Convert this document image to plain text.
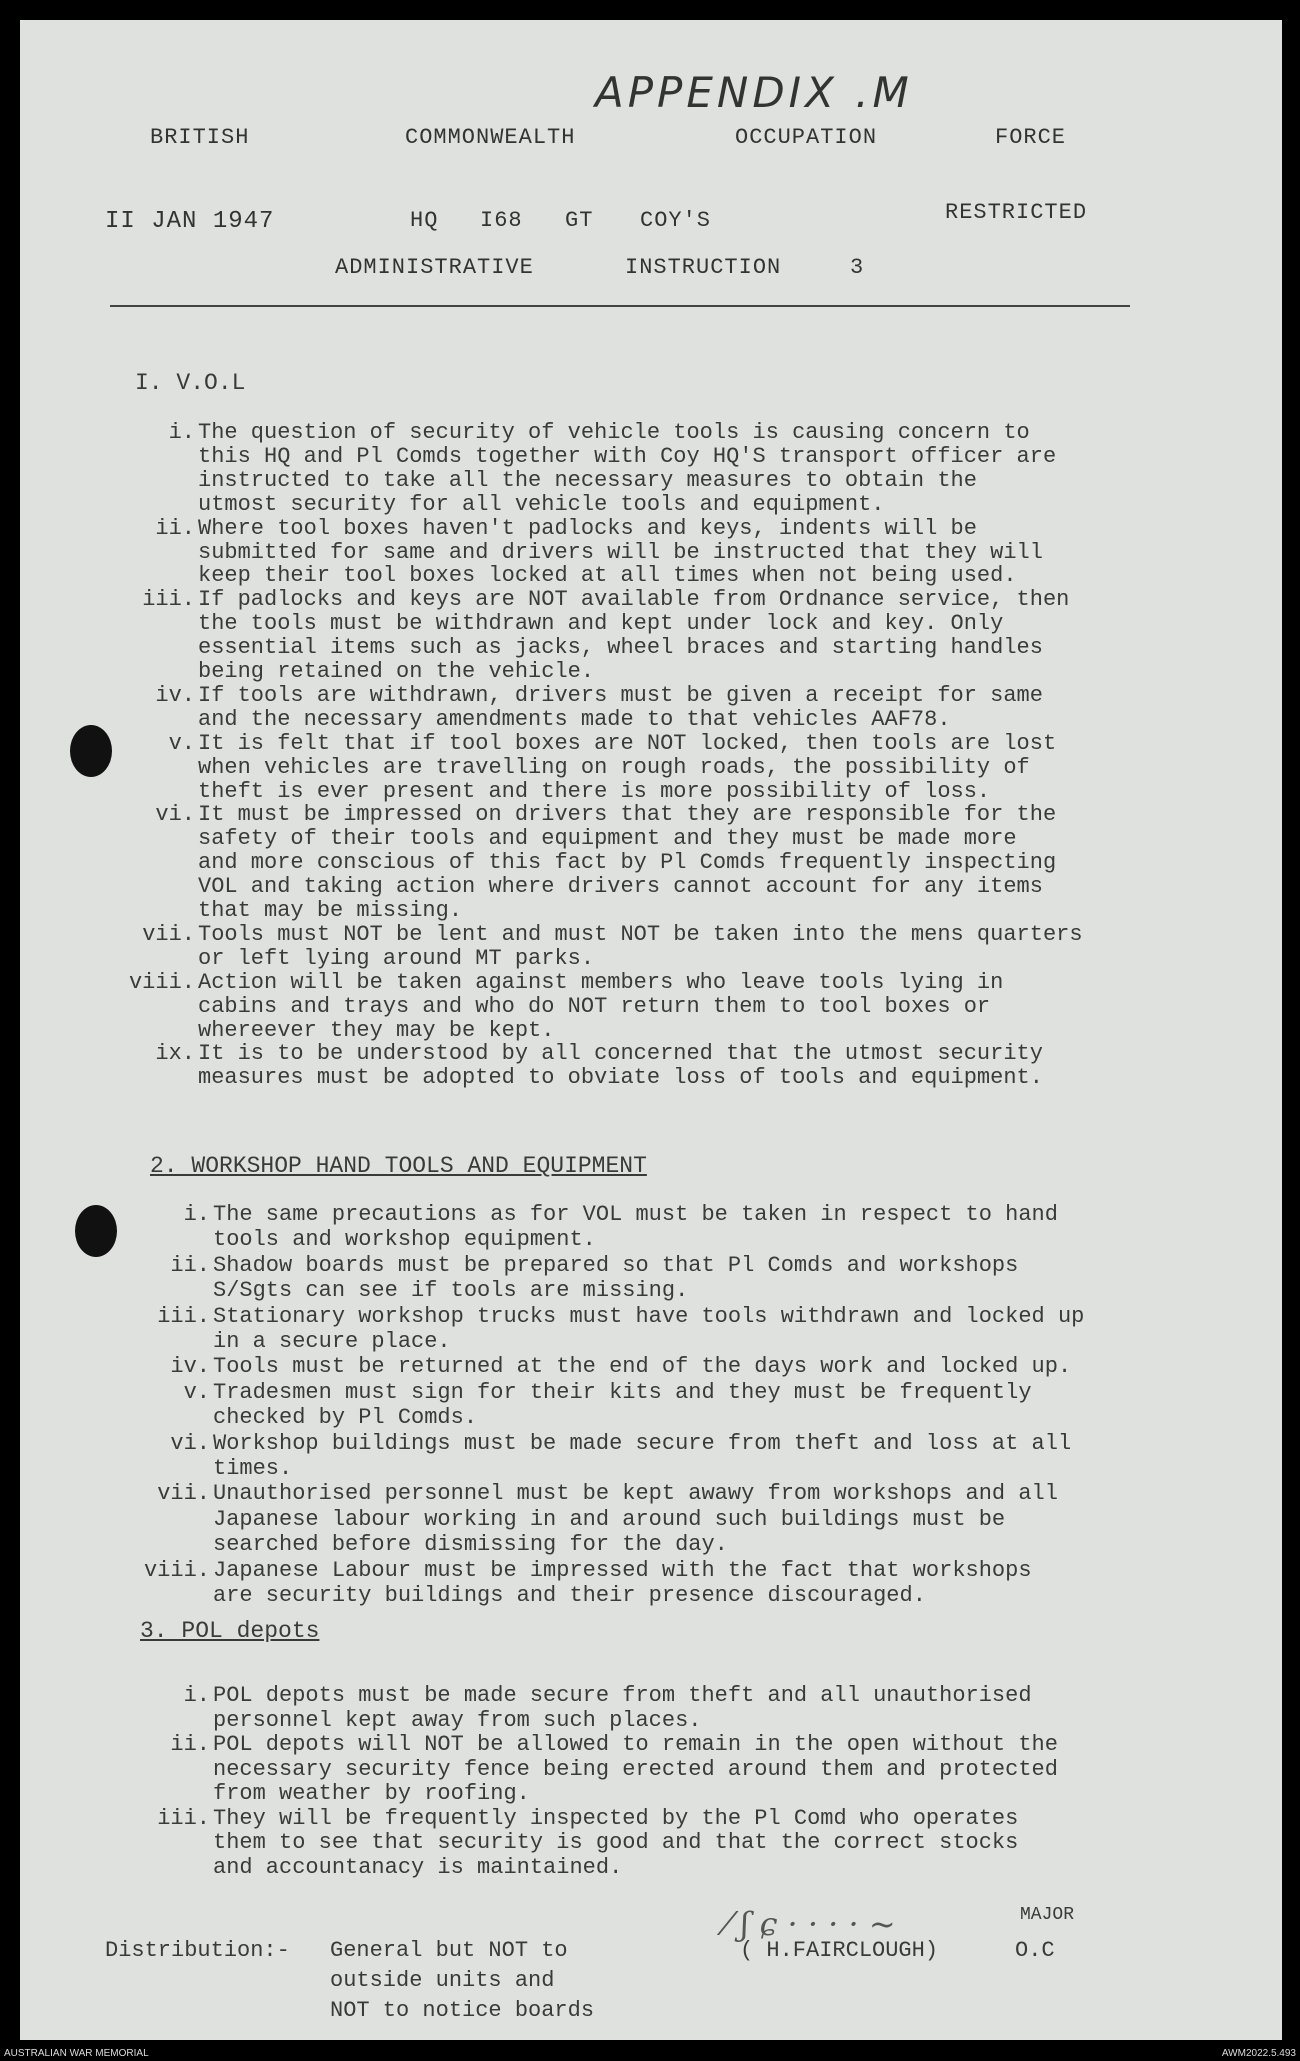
APPENDIX .M
BRITISH	COMMONWEALTH	OCCUPATION	FORCE
II JAN 1947	HQ I68 GT COY'S	RESTRICTED
ADMINISTRATIVE	INSTRUCTION	3
I. V.O.L
i. The question of security of vehicle tools is causing concern to
this HQ and Pl Comds together with Coy HQ'S transport officer are
instructed to take all the necessary measures to obtain the
utmost security for all vehicle tools and equipment.
ii. Where tool boxes haven't padlocks and keys, indents will be
submitted for same and drivers will be instructed that they will
keep their tool boxes locked at all times when not being used.
iii. If padlocks and keys are NOT available from Ordnance service, then
the tools must be withdrawn and kept under lock and key. Only
essential items such as jacks, wheel braces and starting handles
being retained on the vehicle.
iv. If tools are withdrawn, drivers must be given a receipt for same
and the necessary amendments made to that vehicles AAF78.
v. It is felt that if tool boxes are NOT locked, then tools are lost
when vehicles are travelling on rough roads, the possibility of
theft is ever present and there is more possibility of loss.
vi. It must be impressed on drivers that they are responsible for the
safety of their tools and equipment and they must be made more
and more conscious of this fact by Pl Comds frequently inspecting
VOL and taking action where drivers cannot account for any items
that may be missing.
vii. Tools must NOT be lent and must NOT be taken into the mens quarters
or left lying around MT parks.
viii. Action will be taken against members who leave tools lying in
cabins and trays and who do NOT return them to tool boxes or
whereever they may be kept.
ix. It is to be understood by all concerned that the utmost security
measures must be adopted to obviate loss of tools and equipment.
2. WORKSHOP HAND TOOLS AND EQUIPMENT
i. The same precautions as for VOL must be taken in respect to hand
tools and workshop equipment.
ii. Shadow boards must be prepared so that Pl Comds and workshops
S/Sgts can see if tools are missing.
iii. Stationary workshop trucks must have tools withdrawn and locked up
in a secure place.
iv. Tools must be returned at the end of the days work and locked up.
v. Tradesmen must sign for their kits and they must be frequently
checked by Pl Comds.
vi. Workshop buildings must be made secure from theft and loss at all
times.
vii. Unauthorised personnel must be kept awawy from workshops and all
Japanese labour working in and around such buildings must be
searched before dismissing for the day.
viii. Japanese Labour must be impressed with the fact that workshops
are security buildings and their presence discouraged.
3. POL depots
i. POL depots must be made secure from theft and all unauthorised
personnel kept away from such places.
ii. POL depots will NOT be allowed to remain in the open without the
necessary security fence being erected around them and protected
from weather by roofing.
iii. They will be frequently inspected by the Pl Comd who operates
them to see that security is good and that the correct stocks
and accountanacy is maintained.
⁄ ʃ ɕ · · · · ~	MAJOR
( H.FAIRCLOUGH)	O.C
Distribution:- General but NOT to
outside units and
NOT to notice boards
AUSTRALIAN WAR MEMORIAL	AWM2022.5.493
